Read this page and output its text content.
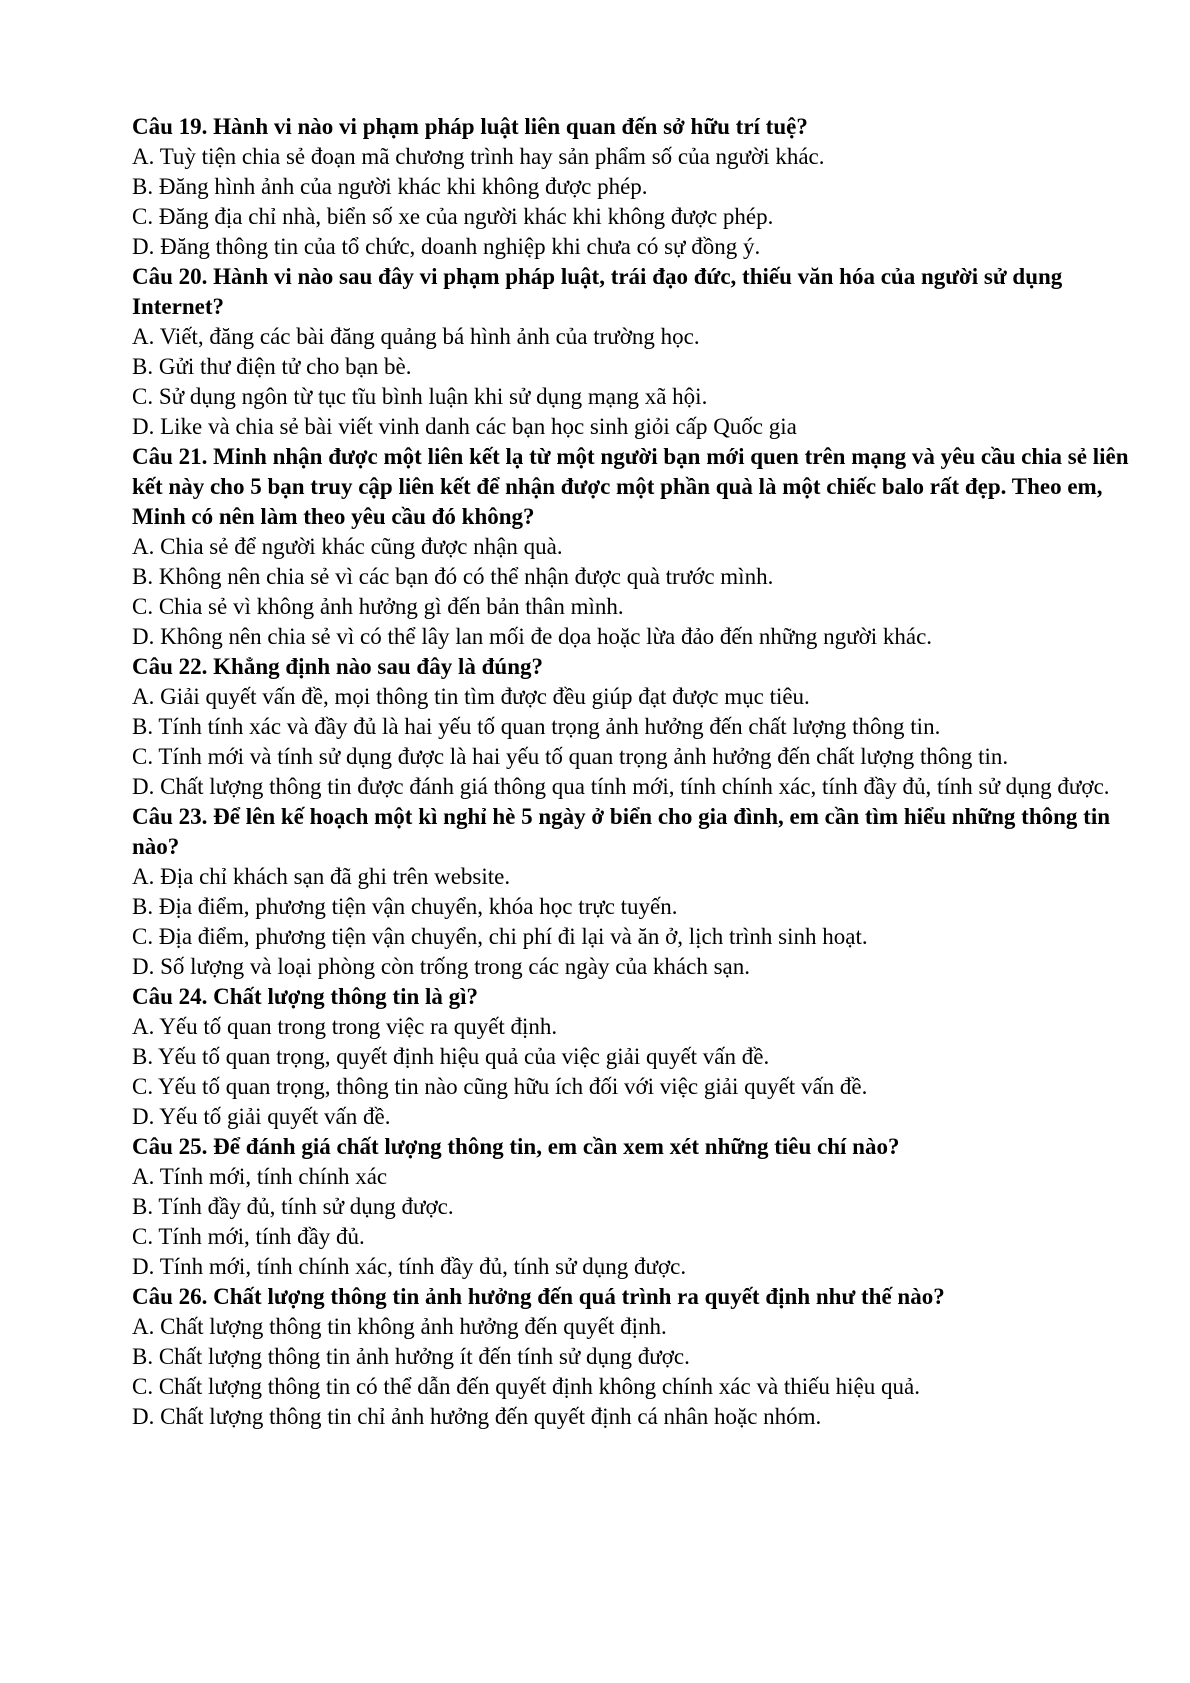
Câu 19. Hành vi nào vi phạm pháp luật liên quan đến sở hữu trí tuệ?

A. Tuỳ tiện chia sẻ đoạn mã chương trình hay sản phẩm số của người khác.

B. Đăng hình ảnh của người khác khi không được phép.

C. Đăng địa chỉ nhà, biển số xe của người khác khi không được phép.

D. Đăng thông tin của tổ chức, doanh nghiệp khi chưa có sự đồng ý.

Câu 20. Hành vi nào sau đây vi phạm pháp luật, trái đạo đức, thiếu văn hóa của người sử dụng Internet?

A. Viết, đăng các bài đăng quảng bá hình ảnh của trường học.

B. Gửi thư điện tử cho bạn bè.

C. Sử dụng ngôn từ tục tĩu bình luận khi sử dụng mạng xã hội.

D. Like và chia sẻ bài viết vinh danh các bạn học sinh giỏi cấp Quốc gia

Câu 21. Minh nhận được một liên kết lạ từ một người bạn mới quen trên mạng và yêu cầu chia sẻ liên kết này cho 5 bạn truy cập liên kết để nhận được một phần quà là một chiếc balo rất đẹp. Theo em, Minh có nên làm theo yêu cầu đó không?

A. Chia sẻ để người khác cũng được nhận quà.

B. Không nên chia sẻ vì các bạn đó có thể nhận được quà trước mình.

C. Chia sẻ vì không ảnh hưởng gì đến bản thân mình.

D. Không nên chia sẻ vì có thể lây lan mối đe dọa hoặc lừa đảo đến những người khác.

Câu 22. Khẳng định nào sau đây là đúng?

A. Giải quyết vấn đề, mọi thông tin tìm được đều giúp đạt được mục tiêu.

B. Tính tính xác và đầy đủ là hai yếu tố quan trọng ảnh hưởng đến chất lượng thông tin.

C. Tính mới và tính sử dụng được là hai yếu tố quan trọng ảnh hưởng đến chất lượng thông tin.

D. Chất lượng thông tin được đánh giá thông qua tính mới, tính chính xác, tính đầy đủ, tính sử dụng được.

Câu 23. Để lên kế hoạch một kì nghỉ hè 5 ngày ở biển cho gia đình, em cần tìm hiểu những thông tin nào?

A. Địa chỉ khách sạn đã ghi trên website.

B. Địa điểm, phương tiện vận chuyển, khóa học trực tuyến.

C. Địa điểm, phương tiện vận chuyển, chi phí đi lại và ăn ở, lịch trình sinh hoạt.

D. Số lượng và loại phòng còn trống trong các ngày của khách sạn.

Câu 24. Chất lượng thông tin là gì?

A. Yếu tố quan trong trong việc ra quyết định.

B. Yếu tố quan trọng, quyết định hiệu quả của việc giải quyết vấn đề.

C. Yếu tố quan trọng, thông tin nào cũng hữu ích đối với việc giải quyết vấn đề.

D. Yếu tố giải quyết vấn đề.

Câu 25. Để đánh giá chất lượng thông tin, em cần xem xét những tiêu chí nào?

A. Tính mới, tính chính xác

B. Tính đầy đủ, tính sử dụng được.

C. Tính mới, tính đầy đủ.

D. Tính mới, tính chính xác, tính đầy đủ, tính sử dụng được.

Câu 26. Chất lượng thông tin ảnh hưởng đến quá trình ra quyết định như thế nào?

A. Chất lượng thông tin không ảnh hưởng đến quyết định.

B. Chất lượng thông tin ảnh hưởng ít đến tính sử dụng được.

C. Chất lượng thông tin có thể dẫn đến quyết định không chính xác và thiếu hiệu quả.

D. Chất lượng thông tin chỉ ảnh hưởng đến quyết định cá nhân hoặc nhóm.
